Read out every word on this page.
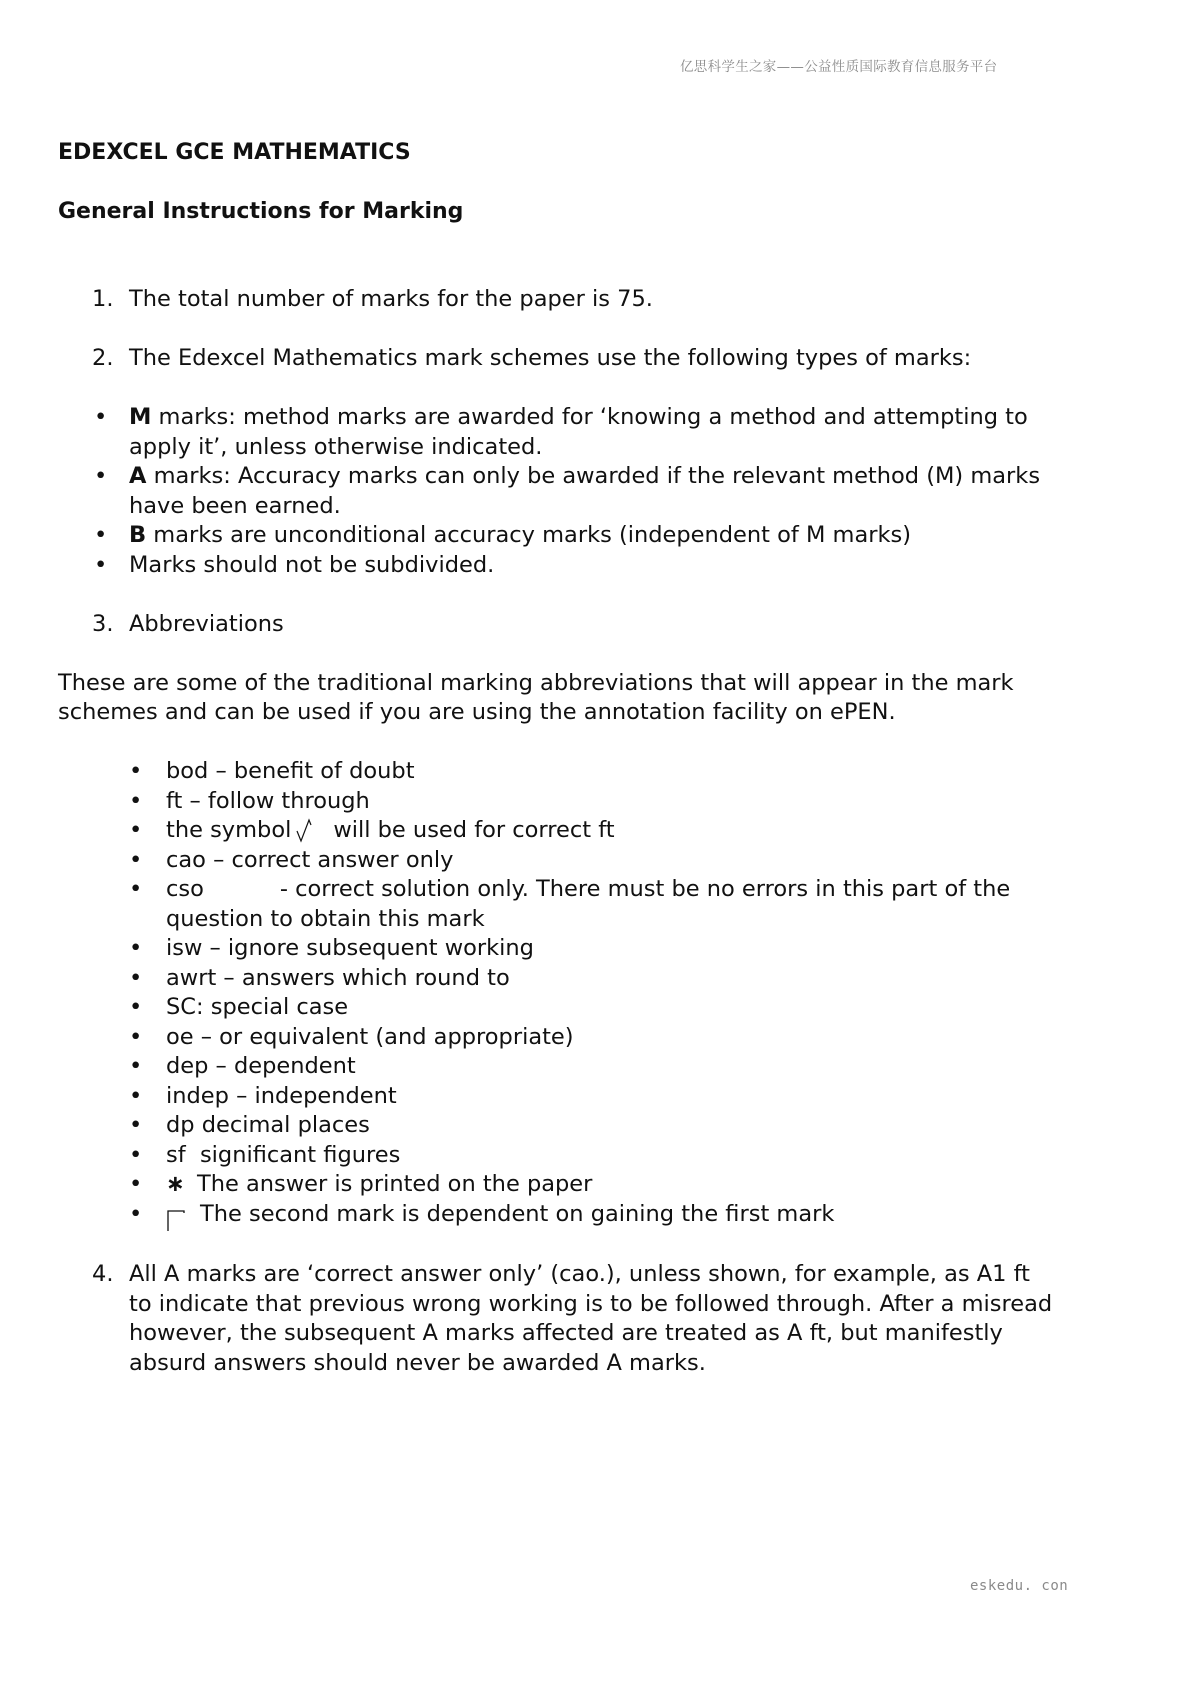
亿思科学生之家——公益性质国际教育信息服务平台

EDEXCEL GCE MATHEMATICS

General Instructions for Marking

1. The total number of marks for the paper is 75.
2. The Edexcel Mathematics mark schemes use the following types of marks:
• M marks: method marks are awarded for ‘knowing a method and attempting to
apply it’, unless otherwise indicated.
• A marks: Accuracy marks can only be awarded if the relevant method (M) marks
have been earned.
• B marks are unconditional accuracy marks (independent of M marks)
• Marks should not be subdivided.
3. Abbreviations
These are some of the traditional marking abbreviations that will appear in the mark
schemes and can be used if you are using the annotation facility on ePEN.
• bod – benefit of doubt
• ft – follow through
• the symbol will be used for correct ft
• cao – correct answer only
• cso	- correct solution only. There must be no errors in this part of the
question to obtain this mark
• isw – ignore subsequent working
• awrt – answers which round to
• SC: special case
• oe – or equivalent (and appropriate)
• dep – dependent
• indep – independent
• dp decimal places
• sf  significant figures
• ∗ The answer is printed on the paper
•	The second mark is dependent on gaining the first mark
4. All A marks are ‘correct answer only’ (cao.), unless shown, for example, as A1 ft
to indicate that previous wrong working is to be followed through. After a misread
however, the subsequent A marks affected are treated as A ft, but manifestly
absurd answers should never be awarded A marks.
eskedu. con
